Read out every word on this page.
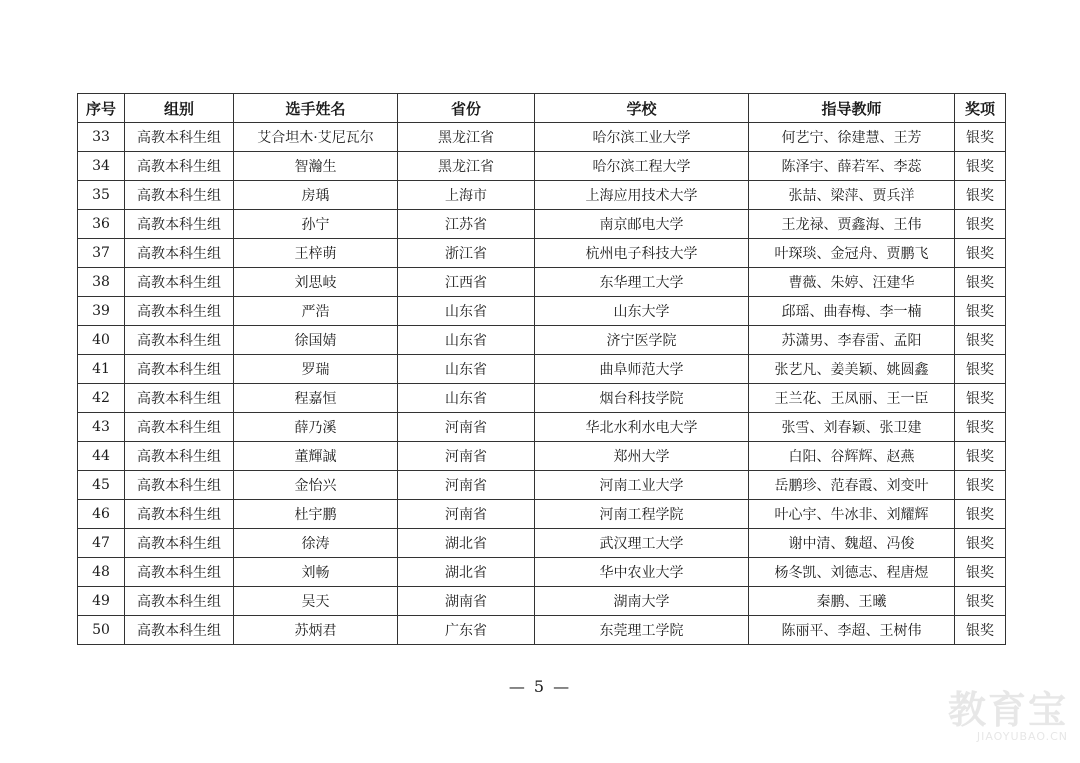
序号	组别	选手姓名	省份	学校	指导教师	奖项
33	高教本科生组	艾合坦木·艾尼瓦尔	黑龙江省	哈尔滨工业大学	何艺宁、徐建慧、王芳	银奖
34	高教本科生组	智瀚生	黑龙江省	哈尔滨工程大学	陈泽宇、薛若军、李蕊	银奖
35	高教本科生组	房瑀	上海市	上海应用技术大学	张喆、梁萍、贾兵洋	银奖
36	高教本科生组	孙宁	江苏省	南京邮电大学	王龙禄、贾鑫海、王伟	银奖
37	高教本科生组	王梓萌	浙江省	杭州电子科技大学	叶琛琰、金冠舟、贾鹏飞	银奖
38	高教本科生组	刘思岐	江西省	东华理工大学	曹薇、朱婷、汪建华	银奖
39	高教本科生组	严浩	山东省	山东大学	邱瑶、曲春梅、李一楠	银奖
40	高教本科生组	徐国婧	山东省	济宁医学院	苏潇男、李春雷、孟阳	银奖
41	高教本科生组	罗瑞	山东省	曲阜师范大学	张艺凡、姜美颖、姚圆鑫	银奖
42	高教本科生组	程嘉恒	山东省	烟台科技学院	王兰花、王凤丽、王一臣	银奖
43	高教本科生组	薛乃溪	河南省	华北水利水电大学	张雪、刘春颖、张卫建	银奖
44	高教本科生组	董輝誠	河南省	郑州大学	白阳、谷辉辉、赵燕	银奖
45	高教本科生组	金怡兴	河南省	河南工业大学	岳鹏珍、范春霞、刘变叶	银奖
46	高教本科生组	杜宇鹏	河南省	河南工程学院	叶心宇、牛冰非、刘耀辉	银奖
47	高教本科生组	徐涛	湖北省	武汉理工大学	谢中清、魏超、冯俊	银奖
48	高教本科生组	刘畅	湖北省	华中农业大学	杨冬凯、刘德志、程唐煜	银奖
49	高教本科生组	吴天	湖南省	湖南大学	秦鹏、王曦	银奖
50	高教本科生组	苏炳君	广东省	东莞理工学院	陈丽平、李超、王树伟	银奖
— 5 —
教育宝
JIAOYUBAO.CN
